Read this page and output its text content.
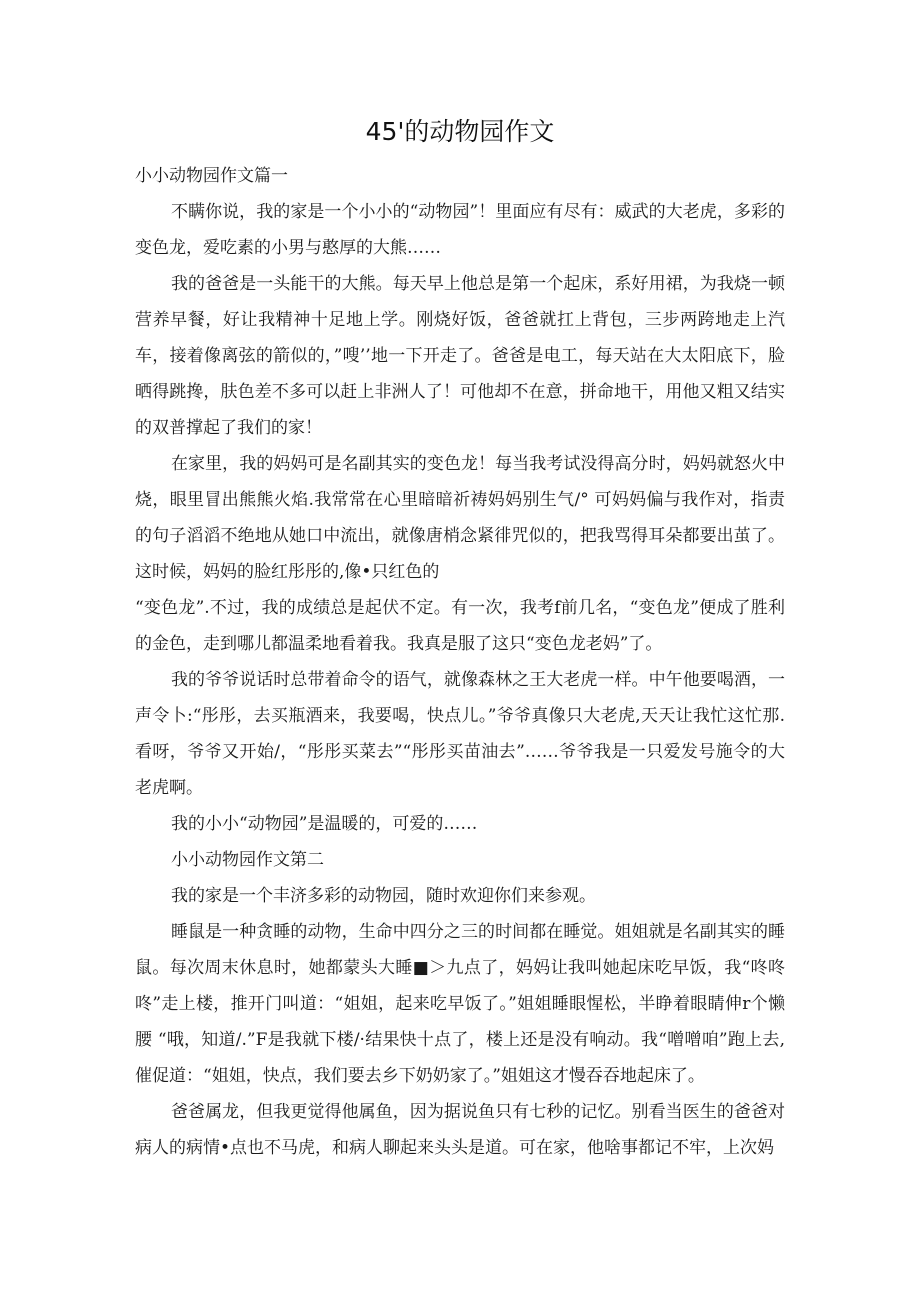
45'的动物园作文

小小动物园作文篇一

不瞒你说，我的家是一个小小的“动物园”！里面应有尽有：威武的大老虎，多彩的变色龙，爱吃素的小男与憨厚的大熊……

我的爸爸是一头能干的大熊。每天早上他总是第一个起床，系好用裙，为我烧一顿营养早餐，好让我精神十足地上学。刚烧好饭，爸爸就扛上背包，三步两跨地走上汽车，接着像离弦的箭似的，”嗖’’地一下开走了。爸爸是电工，每天站在大太阳底下，脸晒得跳搀，肤色差不多可以赶上非洲人了！可他却不在意，拼命地干，用他又粗又结实的双普撑起了我们的家！

在家里，我的妈妈可是名副其实的变色龙！每当我考试没得高分时，妈妈就怒火中烧，眼里冒出熊熊火焰.我常常在心里暗暗祈祷妈妈别生气/° 可妈妈偏与我作对，指责的句子滔滔不绝地从她口中流出，就像唐梢念紧徘咒似的，把我骂得耳朵都要出茧了。这时候，妈妈的脸红彤彤的,像•只红色的

“变色龙”.不过，我的成绩总是起伏不定。有一次，我考f前几名，“变色龙”便成了胜利的金色，走到哪儿都温柔地看着我。我真是服了这只“变色龙老妈”了。

我的爷爷说话时总带着命令的语气，就像森林之王大老虎一样。中午他要喝酒，一声令卜:“彤彤，去买瓶酒来，我要喝，快点儿。”爷爷真像只大老虎,天天让我忙这忙那.看呀，爷爷又开始/，“彤彤买菜去”“彤彤买苗油去”……爷爷我是一只爱发号施令的大老虎啊。

我的小小“动物园”是温暖的，可爱的……

小小动物园作文第二

我的家是一个丰济多彩的动物园，随时欢迎你们来参观。

睡鼠是一种贪睡的动物，生命中四分之三的时间都在睡觉。姐姐就是名副其实的睡鼠。每次周末休息时，她都蒙头大睡■＞九点了，妈妈让我叫她起床吃早饭，我“咚咚咚”走上楼，推开门叫道：“姐姐，起来吃早饭了。”姐姐睡眼惺松，半睁着眼睛伸r个懒腰 “哦，知道/.”F是我就下楼/·结果快十点了，楼上还是没有响动。我“噌噌咱”跑上去,催促道：“姐姐，快点，我们要去乡下奶奶家了。”姐姐这才慢吞吞地起床了。

爸爸属龙，但我更觉得他属鱼，因为据说鱼只有七秒的记忆。别看当医生的爸爸对病人的病情•点也不马虎，和病人聊起来头头是道。可在家，他啥事都记不牢，上次妈
